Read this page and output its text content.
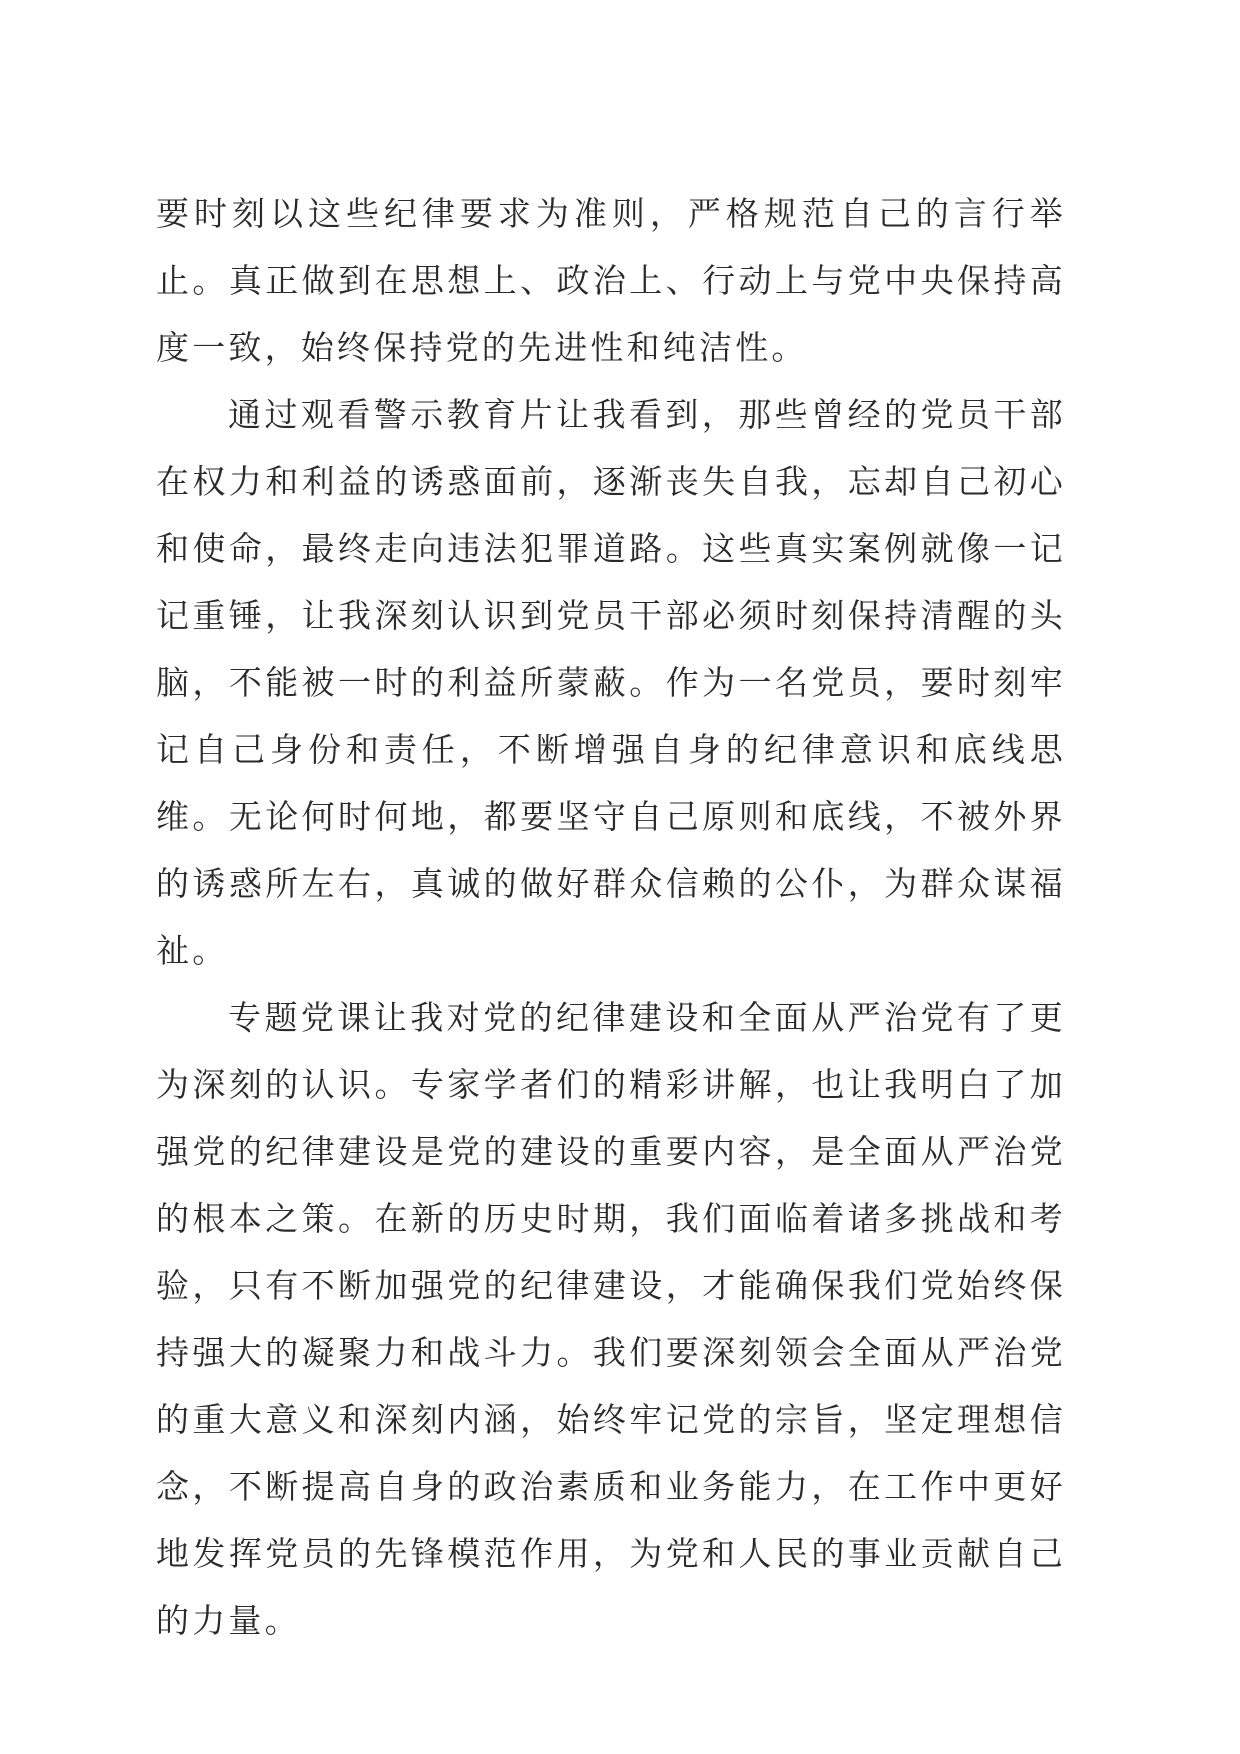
要时刻以这些纪律要求为准则，严格规范自己的言行举止。真正做到在思想上、政治上、行动上与党中央保持高度一致，始终保持党的先进性和纯洁性。

通过观看警示教育片让我看到，那些曾经的党员干部在权力和利益的诱惑面前，逐渐丧失自我，忘却自己初心和使命，最终走向违法犯罪道路。这些真实案例就像一记记重锤，让我深刻认识到党员干部必须时刻保持清醒的头脑，不能被一时的利益所蒙蔽。作为一名党员，要时刻牢记自己身份和责任，不断增强自身的纪律意识和底线思维。无论何时何地，都要坚守自己原则和底线，不被外界的诱惑所左右，真诚的做好群众信赖的公仆，为群众谋福祉。

专题党课让我对党的纪律建设和全面从严治党有了更为深刻的认识。专家学者们的精彩讲解，也让我明白了加强党的纪律建设是党的建设的重要内容，是全面从严治党的根本之策。在新的历史时期，我们面临着诸多挑战和考验，只有不断加强党的纪律建设，才能确保我们党始终保持强大的凝聚力和战斗力。我们要深刻领会全面从严治党的重大意义和深刻内涵，始终牢记党的宗旨，坚定理想信念，不断提高自身的政治素质和业务能力，在工作中更好地发挥党员的先锋模范作用，为党和人民的事业贡献自己的力量。
